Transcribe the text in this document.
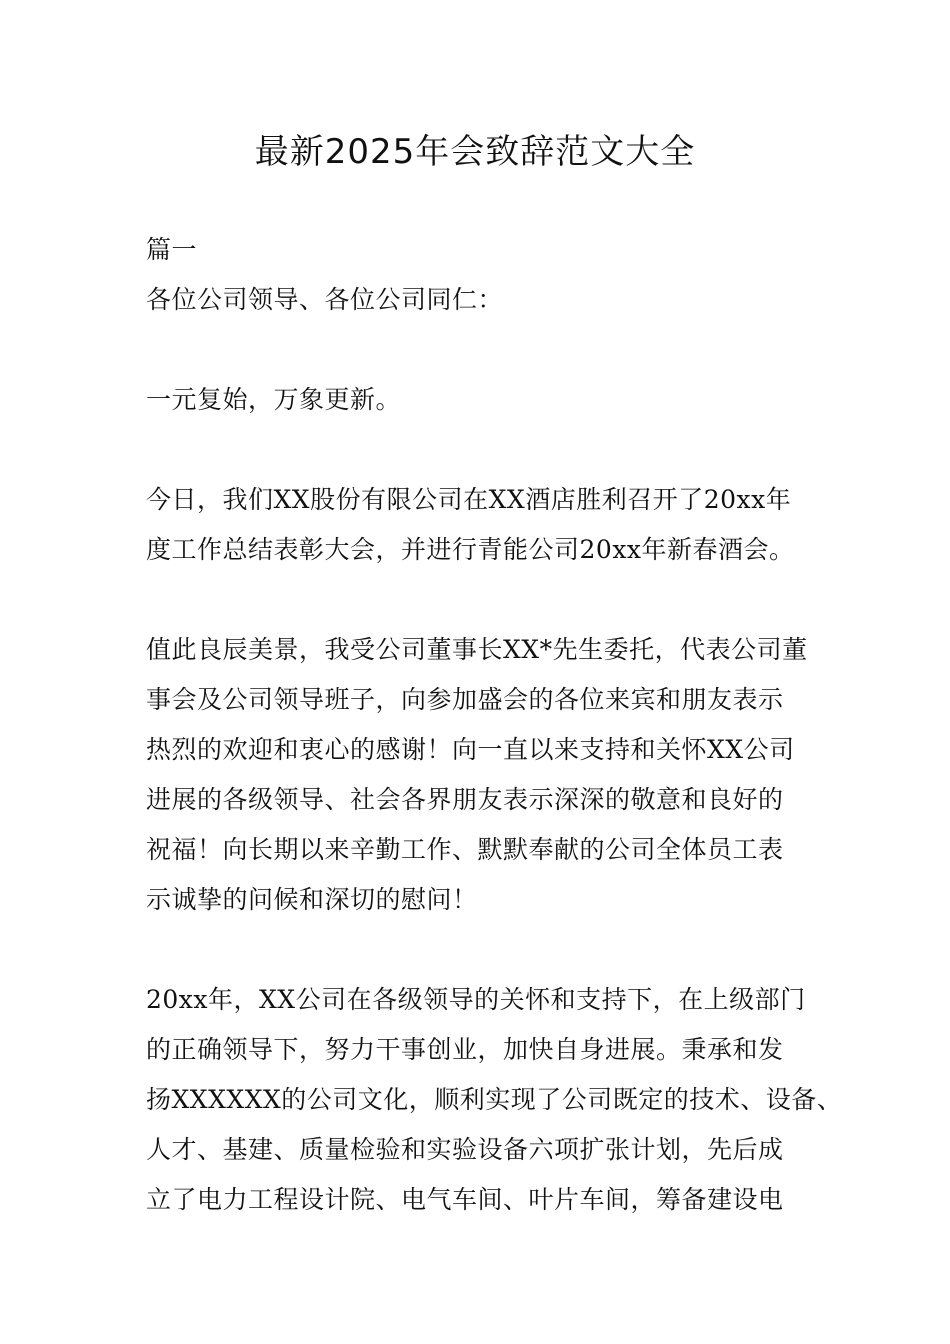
最新2025年会致辞范文大全
篇一
各位公司领导、各位公司同仁：
一元复始，万象更新。
今日，我们XX股份有限公司在XX酒店胜利召开了20xx年
度工作总结表彰大会，并进行青能公司20xx年新春酒会。
值此良辰美景，我受公司董事长XX*先生委托，代表公司董
事会及公司领导班子，向参加盛会的各位来宾和朋友表示
热烈的欢迎和衷心的感谢！向一直以来支持和关怀XX公司
进展的各级领导、社会各界朋友表示深深的敬意和良好的
祝福！向长期以来辛勤工作、默默奉献的公司全体员工表
示诚挚的问候和深切的慰问！
20xx年，XX公司在各级领导的关怀和支持下，在上级部门
的正确领导下，努力干事创业，加快自身进展。秉承和发
扬XXXXXX的公司文化，顺利实现了公司既定的技术、设备、
人才、基建、质量检验和实验设备六项扩张计划，先后成
立了电力工程设计院、电气车间、叶片车间，筹备建设电
